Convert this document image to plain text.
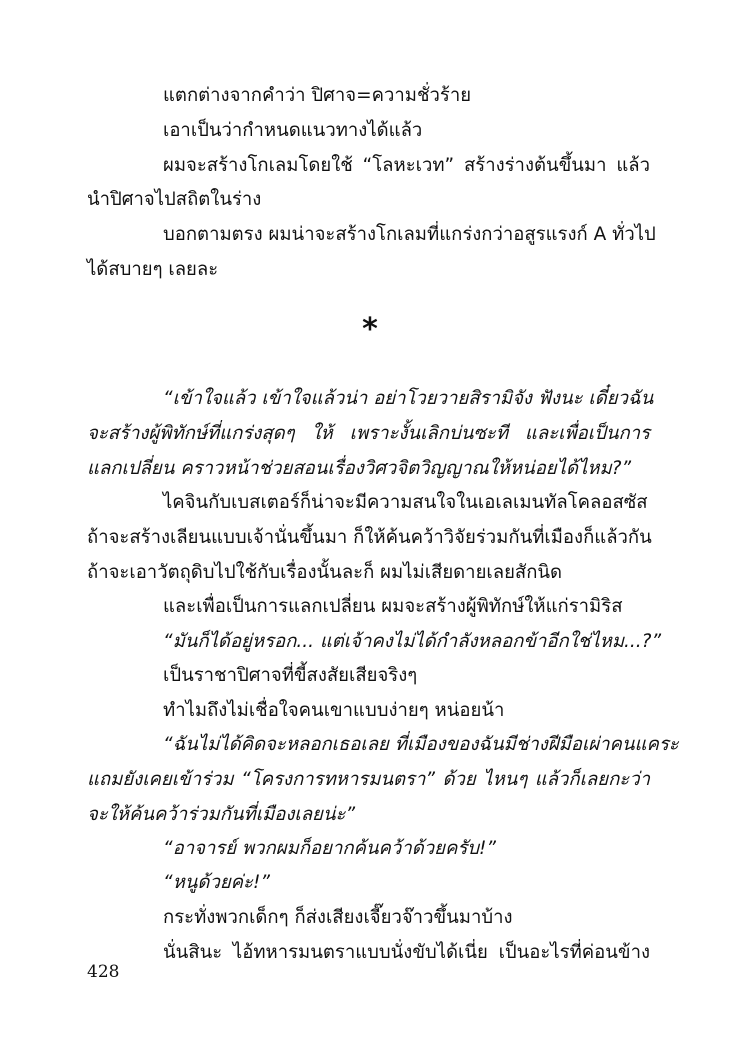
แตกต่างจากคำว่า ปิศาจ=ความชั่วร้าย
เอาเป็นว่ากำหนดแนวทางได้แล้ว
ผมจะสร้างโกเลมโดยใช้ “โลหะเวท” สร้างร่างต้นขึ้นมา แล้ว
นำปิศาจไปสถิตในร่าง
บอกตามตรง ผมน่าจะสร้างโกเลมที่แกร่งกว่าอสูรแรงก์ A ทั่วไป
ได้สบายๆ เลยละ
*
“เข้าใจแล้ว เข้าใจแล้วน่า อย่าโวยวายสิรามิจัง ฟังนะ เดี๋ยวฉัน
จะสร้างผู้พิทักษ์ที่แกร่งสุดๆ ให้ เพราะงั้นเลิกบ่นซะที และเพื่อเป็นการ
แลกเปลี่ยน คราวหน้าช่วยสอนเรื่องวิศวจิตวิญญาณให้หน่อยได้ไหม?”
ไคจินกับเบสเตอร์ก็น่าจะมีความสนใจในเอเลเมนทัลโคลอสซัส
ถ้าจะสร้างเลียนแบบเจ้านั่นขึ้นมา ก็ให้ค้นคว้าวิจัยร่วมกันที่เมืองก็แล้วกัน
ถ้าจะเอาวัตถุดิบไปใช้กับเรื่องนั้นละก็ ผมไม่เสียดายเลยสักนิด
และเพื่อเป็นการแลกเปลี่ยน ผมจะสร้างผู้พิทักษ์ให้แก่รามิริส
“มันก็ได้อยู่หรอก... แต่เจ้าคงไม่ได้กำลังหลอกข้าอีกใช่ไหม...?”
เป็นราชาปิศาจที่ขี้สงสัยเสียจริงๆ
ทำไมถึงไม่เชื่อใจคนเขาแบบง่ายๆ หน่อยน้า
“ฉันไม่ได้คิดจะหลอกเธอเลย ที่เมืองของฉันมีช่างฝีมือเผ่าคนแคระ
แถมยังเคยเข้าร่วม “โครงการทหารมนตรา” ด้วย ไหนๆ แล้วก็เลยกะว่า
จะให้ค้นคว้าร่วมกันที่เมืองเลยน่ะ”
“อาจารย์ พวกผมก็อยากค้นคว้าด้วยครับ!”
“หนูด้วยค่ะ!”
กระทั่งพวกเด็กๆ ก็ส่งเสียงเจี๊ยวจ๊าวขึ้นมาบ้าง
นั่นสินะ ไอ้ทหารมนตราแบบนั่งขับได้เนี่ย เป็นอะไรที่ค่อนข้าง
428
